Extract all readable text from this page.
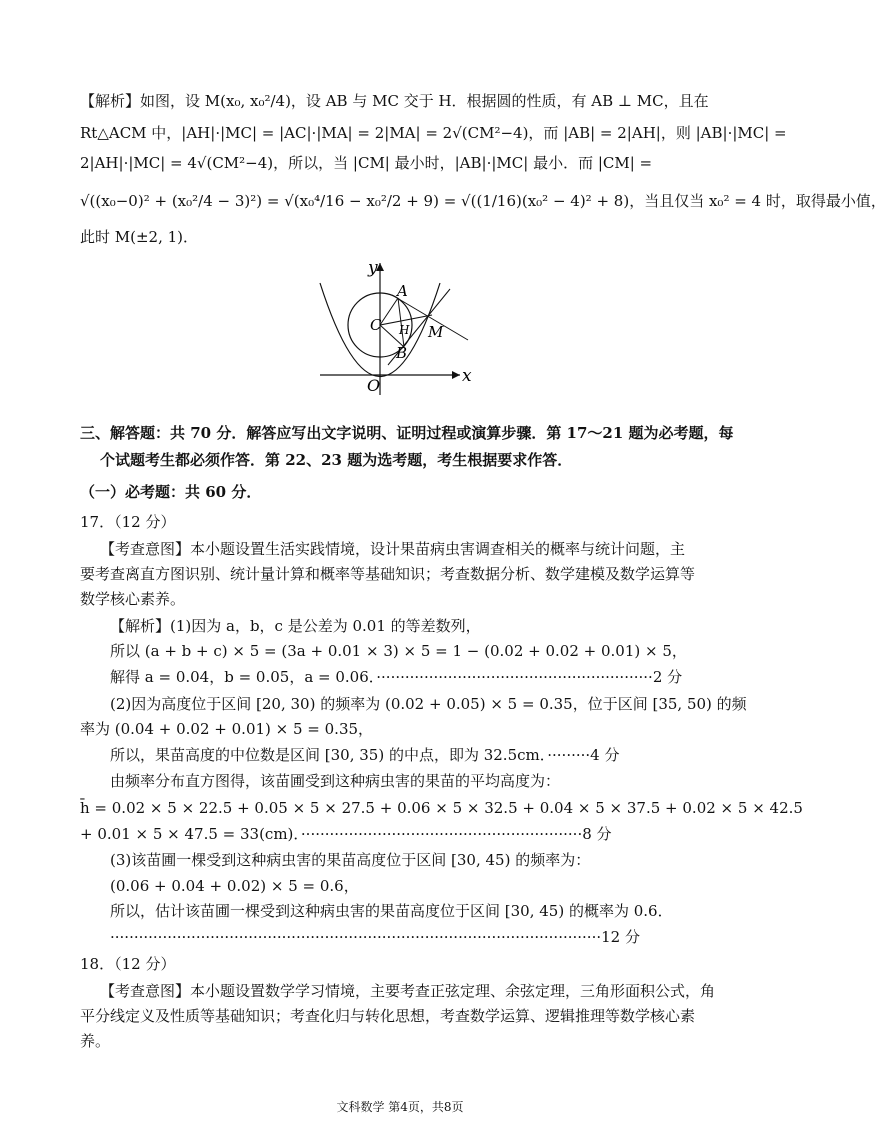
【解析】如图，设 M(x₀, x₀²/4)，设 AB 与 MC 交于 H．根据圆的性质，有 AB ⊥ MC，且在
Rt△ACM 中，|AH|·|MC| = |AC|·|MA| = 2|MA| = 2√(CM²−4)，而 |AB| = 2|AH|，则 |AB|·|MC| =
2|AH|·|MC| = 4√(CM²−4)，所以，当 |CM| 最小时，|AB|·|MC| 最小．而 |CM| =
√((x₀−0)² + (x₀²/4 − 3)²) = √(x₀⁴/16 − x₀²/2 + 9) = √((1/16)(x₀² − 4)² + 8)，当且仅当 x₀² = 4 时，取得最小值，
此时 M(±2, 1)．
y
x
O
A
C H M
B
三、解答题：共 70 分．解答应写出文字说明、证明过程或演算步骤．第 17～21 题为必考题，每
个试题考生都必须作答．第 22、23 题为选考题，考生根据要求作答．
（一）必考题：共 60 分．
17．（12 分）
【考查意图】本小题设置生活实践情境，设计果苗病虫害调查相关的概率与统计问题，主
要考查离直方图识别、统计量计算和概率等基础知识；考查数据分析、数学建模及数学运算等
数学核心素养。
【解析】(1)因为 a，b，c 是公差为 0.01 的等差数列，
所以 (a + b + c) × 5 = (3a + 0.01 × 3) × 5 = 1 − (0.02 + 0.02 + 0.01) × 5，
解得 a = 0.04，b = 0.05，a = 0.06．··························································2 分
(2)因为高度位于区间 [20, 30) 的频率为 (0.02 + 0.05) × 5 = 0.35，位于区间 [35, 50) 的频
率为 (0.04 + 0.02 + 0.01) × 5 = 0.35，
所以，果苗高度的中位数是区间 [30, 35) 的中点，即为 32.5cm．·········4 分
由频率分布直方图得，该苗圃受到这种病虫害的果苗的平均高度为：
h̄ = 0.02 × 5 × 22.5 + 0.05 × 5 × 27.5 + 0.06 × 5 × 32.5 + 0.04 × 5 × 37.5 + 0.02 × 5 × 42.5
+ 0.01 × 5 × 47.5 = 33(cm)．···························································8 分
(3)该苗圃一棵受到这种病虫害的果苗高度位于区间 [30, 45) 的频率为：
(0.06 + 0.04 + 0.02) × 5 = 0.6，
所以，估计该苗圃一棵受到这种病虫害的果苗高度位于区间 [30, 45) 的概率为 0.6．
·······································································································12 分
18．（12 分）
【考查意图】本小题设置数学学习情境，主要考查正弦定理、余弦定理，三角形面积公式，角
平分线定义及性质等基础知识；考查化归与转化思想，考查数学运算、逻辑推理等数学核心素
养。
文科数学 第4页，共8页
